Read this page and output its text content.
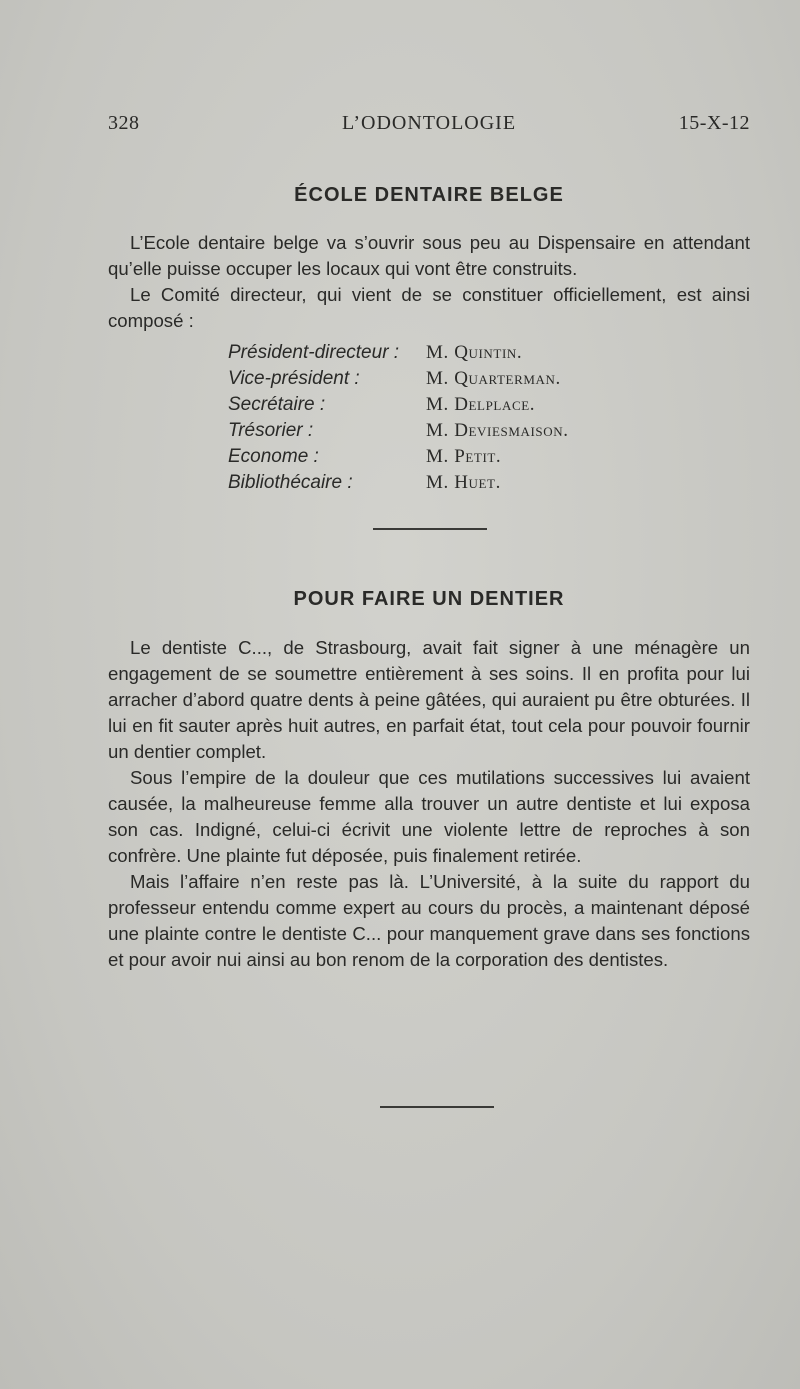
328	L’ODONTOLOGIE	15-X-12
ÉCOLE DENTAIRE BELGE

L’Ecole dentaire belge va s’ouvrir sous peu au Dispensaire en attendant qu’elle puisse occuper les locaux qui vont être construits.

Le Comité directeur, qui vient de se constituer officiellement, est ainsi composé :

Président-directeur :	M. Quintin.
Vice-président :	M. Quarterman.
Secrétaire :	M. Delplace.
Trésorier :	M. Deviesmaison.
Econome :	M. Petit.
Bibliothécaire :	M. Huet.
POUR FAIRE UN DENTIER

Le dentiste C..., de Strasbourg, avait fait signer à une ménagère un engagement de se soumettre entièrement à ses soins. Il en profita pour lui arracher d’abord quatre dents à peine gâtées, qui auraient pu être obturées. Il lui en fit sauter après huit autres, en parfait état, tout cela pour pouvoir fournir un dentier complet.

Sous l’empire de la douleur que ces mutilations successives lui avaient causée, la malheureuse femme alla trouver un autre dentiste et lui exposa son cas. Indigné, celui-ci écrivit une violente lettre de reproches à son confrère. Une plainte fut déposée, puis finalement retirée.

Mais l’affaire n’en reste pas là. L’Université, à la suite du rapport du professeur entendu comme expert au cours du procès, a maintenant déposé une plainte contre le dentiste C... pour manquement grave dans ses fonctions et pour avoir nui ainsi au bon renom de la corporation des dentistes.
